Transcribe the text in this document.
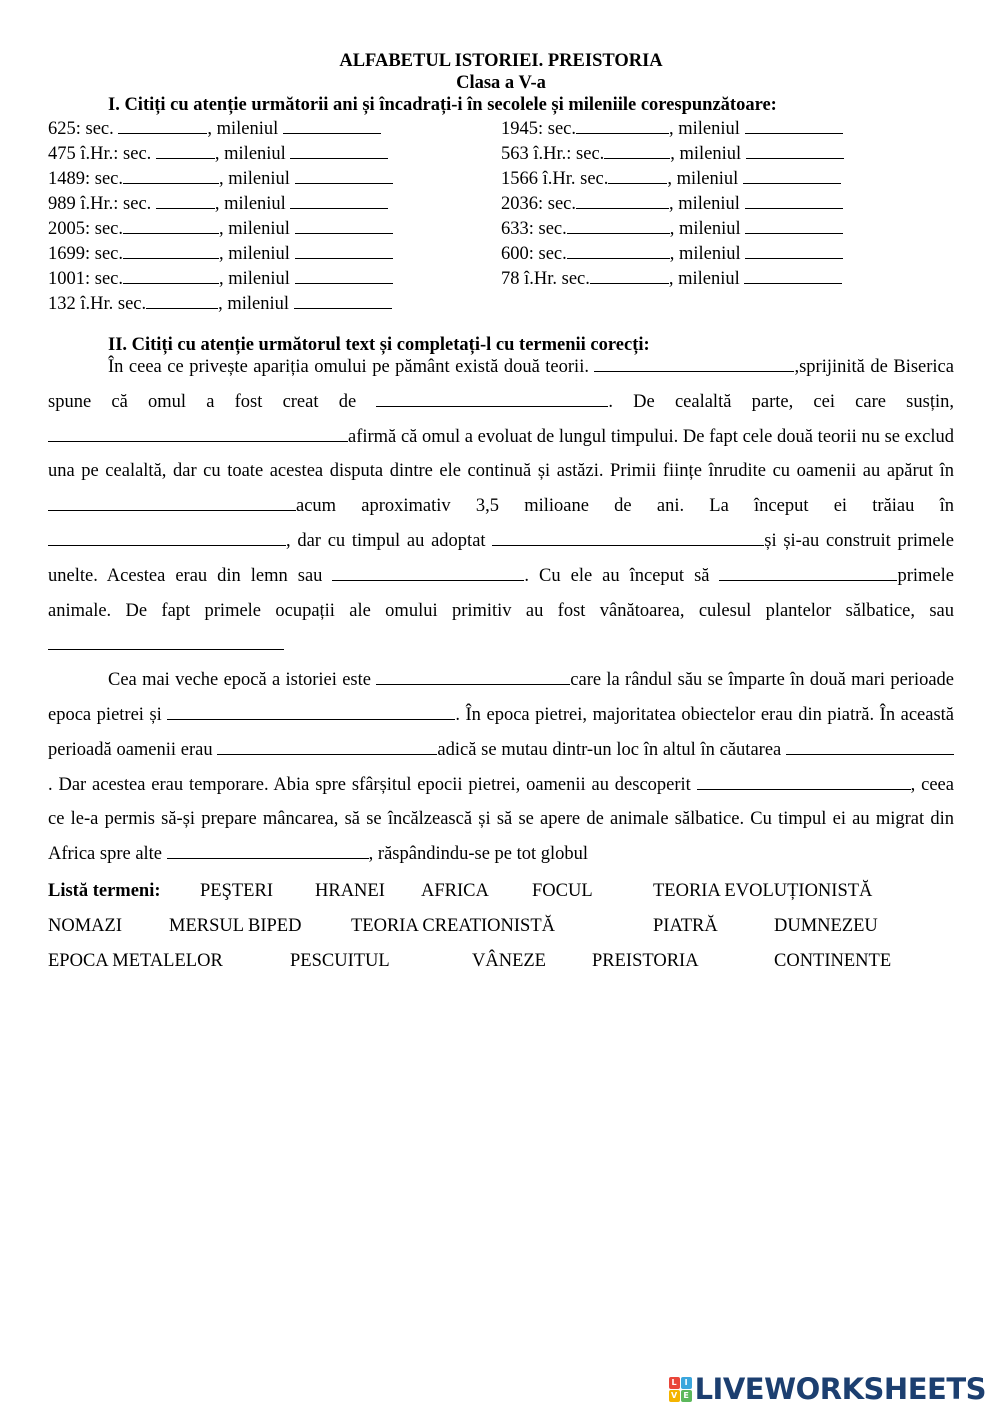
ALFABETUL ISTORIEI. PREISTORIA
Clasa a V-a
I. Citiți cu atenție următorii ani și încadrați-i în secolele și mileniile corespunzătoare:
625: sec.	, mileniul
475 î.Hr.: sec.	, mileniul
1489: sec.	, mileniul
989 î.Hr.: sec.	, mileniul
2005: sec.	, mileniul
1699: sec.	, mileniul
1001: sec.	, mileniul
132 î.Hr. sec.	, mileniul
1945: sec.	, mileniul
563 î.Hr.: sec.	, mileniul
1566 î.Hr. sec.	, mileniul
2036: sec.	, mileniul
633: sec.	, mileniul
600: sec.	, mileniul
78 î.Hr. sec.	, mileniul
II. Citiți cu atenție următorul text și completați-l cu termenii corecți:
În ceea ce privește apariția omului pe pământ există două teorii.	,sprijinită de Biserica spune că omul a fost creat de	. De cealaltă parte, cei care susțin, afirmă că omul a evoluat de lungul timpului. De fapt cele două teorii nu se exclud una pe cealaltă, dar cu toate acestea disputa dintre ele continuă și astăzi. Primii ființe înrudite cu oamenii au apărut în acum aproximativ 3,5 milioane de ani. La început ei trăiau în , dar cu timpul au adoptat	și și-au construit primele unelte. Acestea erau din lemn sau	. Cu ele au început să	primele animale. De fapt primele ocupații ale omului primitiv au fost vânătoarea, culesul plantelor sălbatice, sau
Cea mai veche epocă a istoriei este	care la rândul său se împarte în două mari perioade epoca pietrei și	. În epoca pietrei, majoritatea obiectelor erau din piatră. În această perioadă oamenii erau	adică se mutau dintr-un loc în altul în căutarea . Dar acestea erau temporare. Abia spre sfârșitul epocii pietrei, oamenii au descoperit	, ceea ce le-a permis să-și prepare mâncarea, să se încălzească și să se apere de animale sălbatice. Cu timpul ei au migrat din Africa spre alte	, răspândindu-se pe tot globul
Listă termeni:	PEŞTERI	HRANEI	AFRICA	FOCUL	TEORIA EVOLUȚIONISTĂ
NOMAZI	MERSUL BIPED	TEORIA CREATIONISTĂ	PIATRĂ	DUMNEZEU
EPOCA METALELOR	PESCUITUL	VÂNEZE	PREISTORIA	CONTINENTE
L I
V E LIVEWORKSHEETS
